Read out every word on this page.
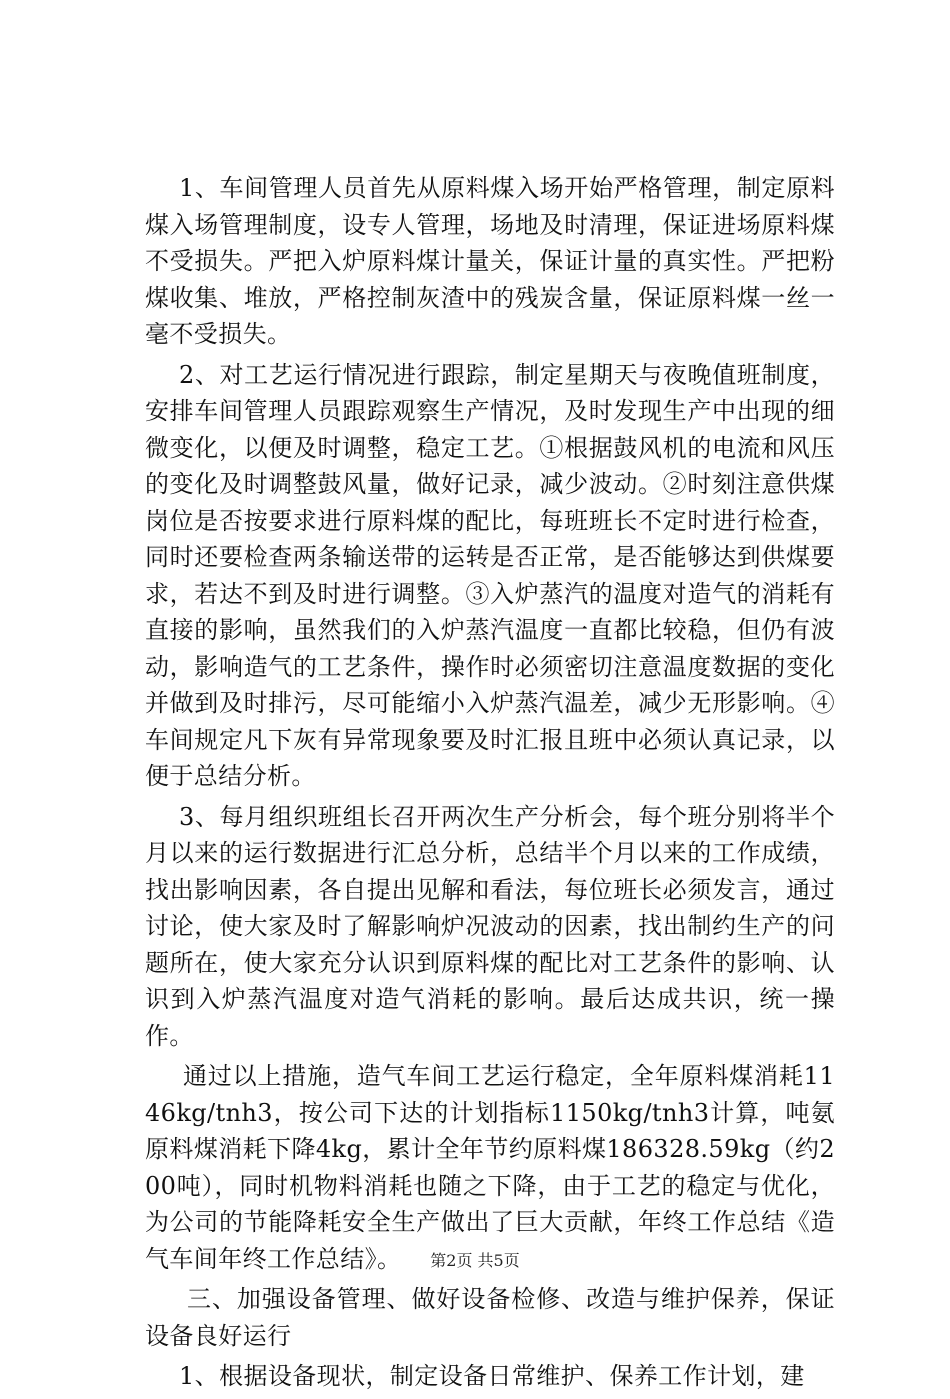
1、车间管理人员首先从原料煤入场开始严格管理，制定原料煤入场管理制度，设专人管理，场地及时清理，保证进场原料煤不受损失。严把入炉原料煤计量关，保证计量的真实性。严把粉煤收集、堆放，严格控制灰渣中的残炭含量，保证原料煤一丝一毫不受损失。

2、对工艺运行情况进行跟踪，制定星期天与夜晚值班制度，安排车间管理人员跟踪观察生产情况，及时发现生产中出现的细微变化，以便及时调整，稳定工艺。①根据鼓风机的电流和风压的变化及时调整鼓风量，做好记录，减少波动。②时刻注意供煤岗位是否按要求进行原料煤的配比，每班班长不定时进行检查，同时还要检查两条输送带的运转是否正常，是否能够达到供煤要求，若达不到及时进行调整。③入炉蒸汽的温度对造气的消耗有直接的影响，虽然我们的入炉蒸汽温度一直都比较稳，但仍有波动，影响造气的工艺条件，操作时必须密切注意温度数据的变化并做到及时排污，尽可能缩小入炉蒸汽温差，减少无形影响。④车间规定凡下灰有异常现象要及时汇报且班中必须认真记录，以便于总结分析。

3、每月组织班组长召开两次生产分析会，每个班分别将半个月以来的运行数据进行汇总分析，总结半个月以来的工作成绩，找出影响因素，各自提出见解和看法，每位班长必须发言，通过讨论，使大家及时了解影响炉况波动的因素，找出制约生产的问题所在，使大家充分认识到原料煤的配比对工艺条件的影响、认识到入炉蒸汽温度对造气消耗的影响。最后达成共识，统一操作。

通过以上措施，造气车间工艺运行稳定，全年原料煤消耗1146kg/tnh3，按公司下达的计划指标1150kg/tnh3计算，吨氨原料煤消耗下降4kg，累计全年节约原料煤186328.59kg（约200吨），同时机物料消耗也随之下降，由于工艺的稳定与优化，为公司的节能降耗安全生产做出了巨大贡献，年终工作总结《造气车间年终工作总结》。

三、加强设备管理、做好设备检修、改造与维护保养，保证设备良好运行

1、根据设备现状，制定设备日常维护、保养工作计划，建

第2页 共5页
